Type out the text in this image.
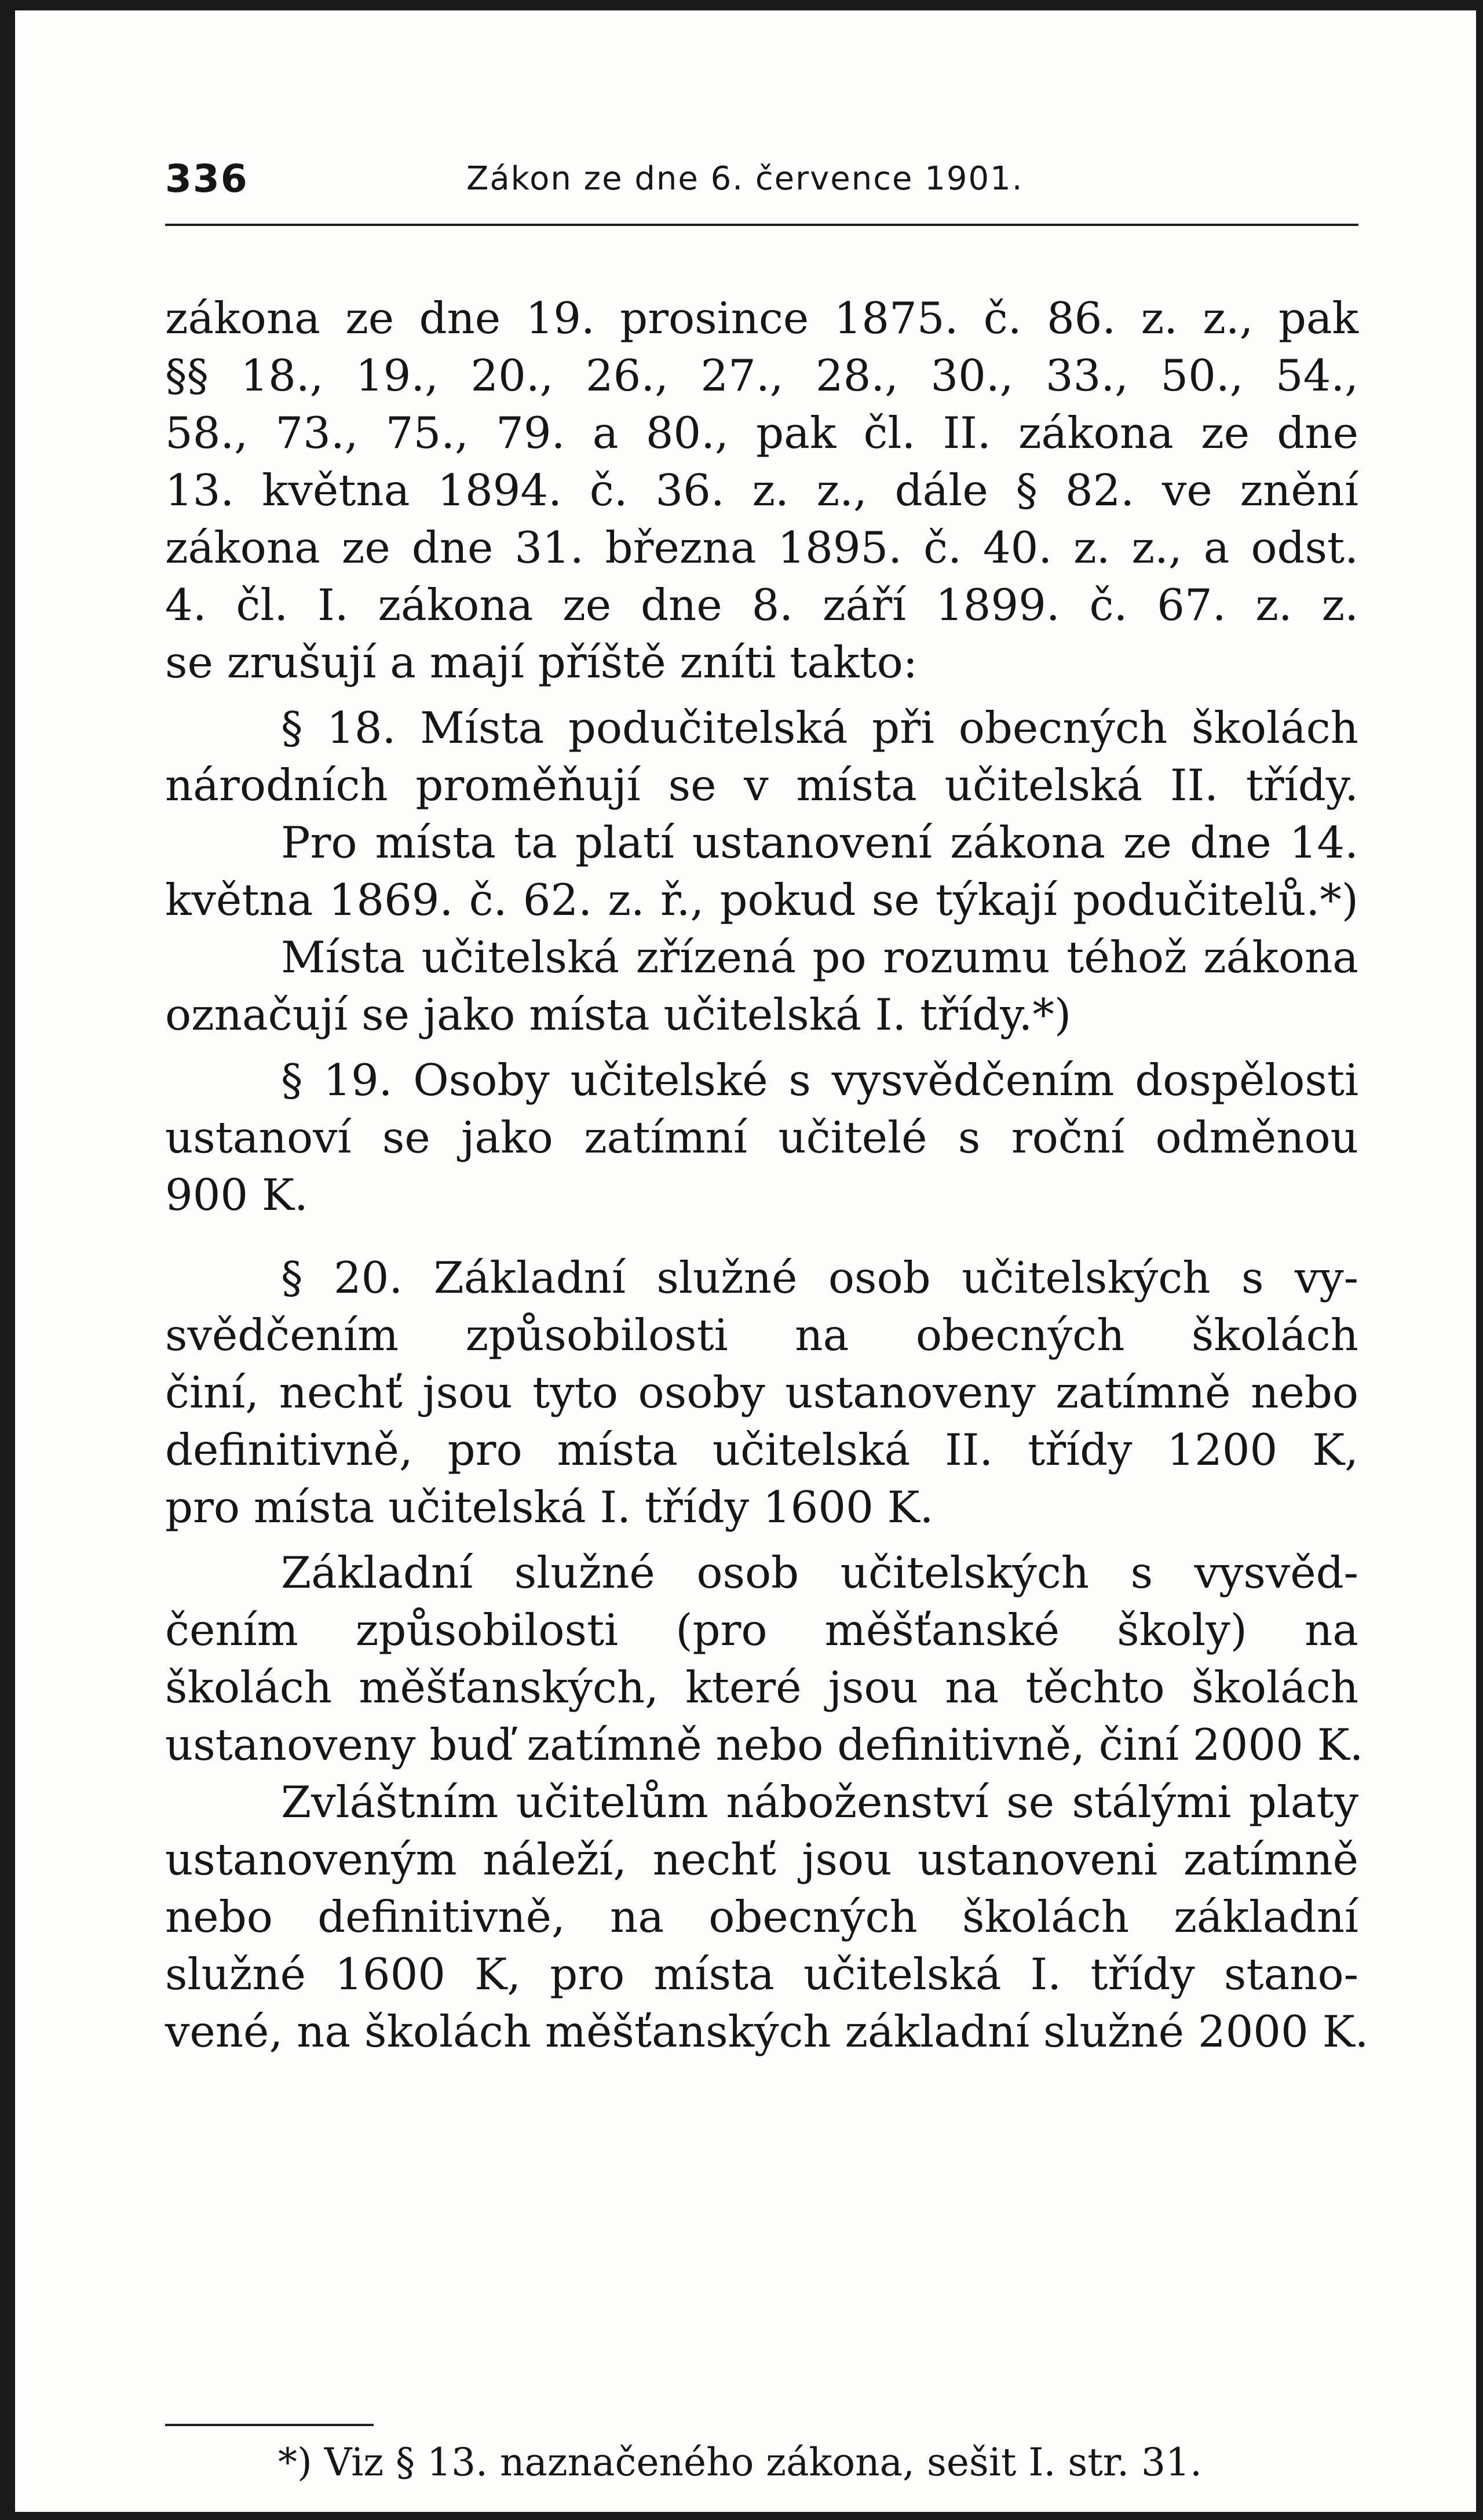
336	Zákon ze dne 6. července 1901.

zákona ze dne 19. prosince 1875. č. 86. z. z., pak
§§ 18., 19., 20., 26., 27., 28., 30., 33., 50., 54.,
58., 73., 75., 79. a 80., pak čl. II. zákona ze dne
13. května 1894. č. 36. z. z., dále § 82. ve znění
zákona ze dne 31. března 1895. č. 40. z. z., a odst.
4. čl. I. zákona ze dne 8. září 1899. č. 67. z. z.
se zrušují a mají příště zníti takto:

§ 18. Místa podučitelská při obecných školách
národních proměňují se v místa učitelská II. třídy.

Pro místa ta platí ustanovení zákona ze dne 14.
května 1869. č. 62. z. ř., pokud se týkají podučitelů.*)

Místa učitelská zřízená po rozumu téhož zákona
označují se jako místa učitelská I. třídy.*)

§ 19. Osoby učitelské s vysvědčením dospělosti
ustanoví se jako zatímní učitelé s roční odměnou
900 K.

§ 20. Základní služné osob učitelských s vy-
svědčením způsobilosti na obecných školách
činí, nechť jsou tyto osoby ustanoveny zatímně nebo
definitivně, pro místa učitelská II. třídy 1200 K,
pro místa učitelská I. třídy 1600 K.

Základní služné osob učitelských s vysvěd-
čením způsobilosti (pro měšťanské školy) na
školách měšťanských, které jsou na těchto školách
ustanoveny buď zatímně nebo definitivně, činí 2000 K.

Zvláštním učitelům náboženství se stálými platy
ustanoveným náleží, nechť jsou ustanoveni zatímně
nebo definitivně, na obecných školách základní
služné 1600 K, pro místa učitelská I. třídy stano-
vené, na školách měšťanských základní služné 2000 K.

*) Viz § 13. naznačeného zákona, sešit I. str. 31.
